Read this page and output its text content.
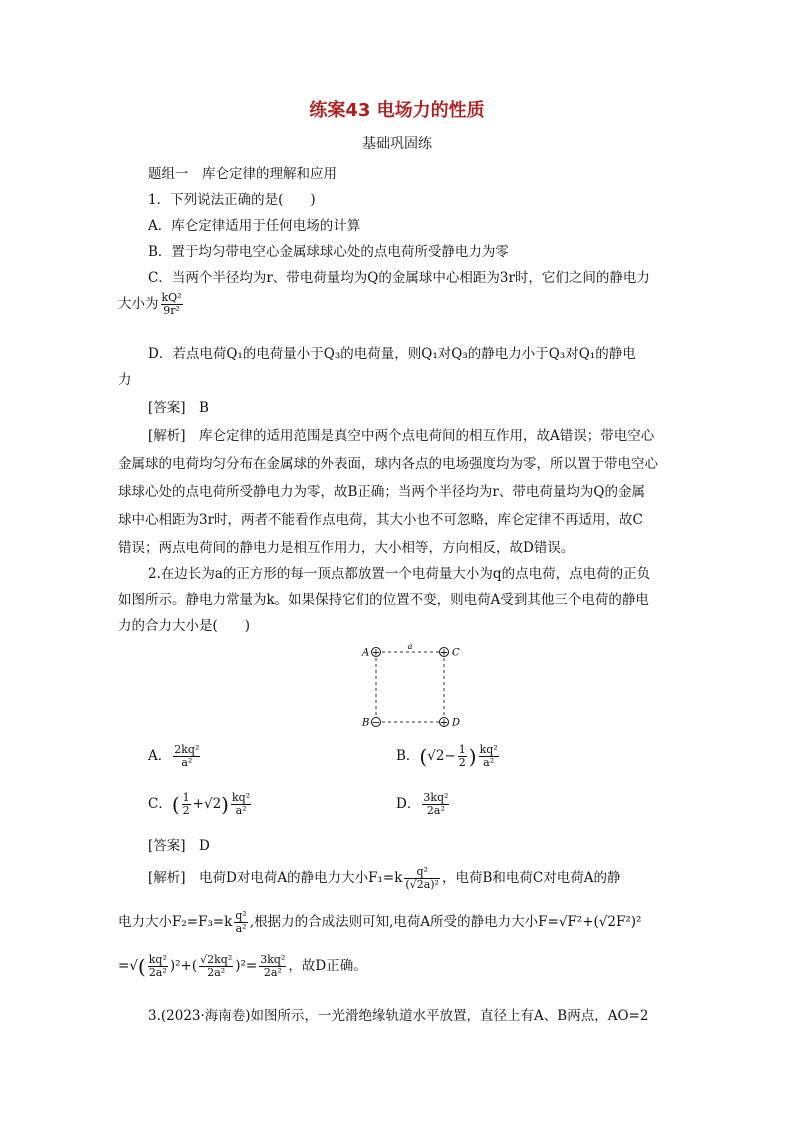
练案43 电场力的性质
基础巩固练
题组一　库仑定律的理解和应用
1．下列说法正确的是(　　)
A．库仑定律适用于任何电场的计算
B．置于均匀带电空心金属球球心处的点电荷所受静电力为零
C．当两个半径均为r、带电荷量均为Q的金属球中心相距为3r时，它们之间的静电力
大小为 $\frac{\text{kQ²}}{\text{9r²}}$
D．若点电荷Q₁的电荷量小于Q₃的电荷量，则Q₁对Q₃的静电力小于Q₃对Q₁的静电
力
[答案]　B
[解析]　库仑定律的适用范围是真空中两个点电荷间的相互作用，故A错误；带电空心
金属球的电荷均匀分布在金属球的外表面，球内各点的电场强度均为零，所以置于带电空心
球球心处的点电荷所受静电力为零，故B正确；当两个半径均为r、带电荷量均为Q的金属
球中心相距为3r时，两者不能看作点电荷，其大小也不可忽略，库仑定律不再适用，故C
错误；两点电荷间的静电力是相互作用力，大小相等，方向相反，故D错误。
2.在边长为a的正方形的每一顶点都放置一个电荷量大小为q的点电荷，点电荷的正负
如图所示。静电力常量为k。如果保持它们的位置不变，则电荷A受到其他三个电荷的静电
力的合力大小是(　　)
+	+
−	+
A	C
B	D
a
A． $\frac{\text{2kq²}}{\text{a²}}$	B．($√2- \frac{1}{2}$ ) $\frac{\text{kq²}}{\text{a²}}$
C．( $\frac{1}{2} +√2) \frac{\text{kq²}}{\text{a²}}$	D． $\frac{\text{3kq²}}{\text{2a²}}$
[答案]　D
[解析]　电荷D对电荷A的静电力大小$F_1=k \frac{\text{q²}}{\text{(√2a)²}}$ ，电荷B和电荷C对电荷A的静
电力大小$F_2=F_3=k \frac{\text{q²}}{\text{a²}}$ ,根据力的合成法则可知,电荷A所受的静电力大小F=√F²+(√2F²)²
=√( $\frac{\text{kq²}}{\text{2a²}} )^2+( \frac{\text{√2kq²}}{\text{2a²}} )^2= \frac{\text{3kq²}}{\text{2a²}}$ ，故D正确。
3.(2023·海南卷)如图所示，一光滑绝缘轨道水平放置，直径上有A、B两点，AO=2
